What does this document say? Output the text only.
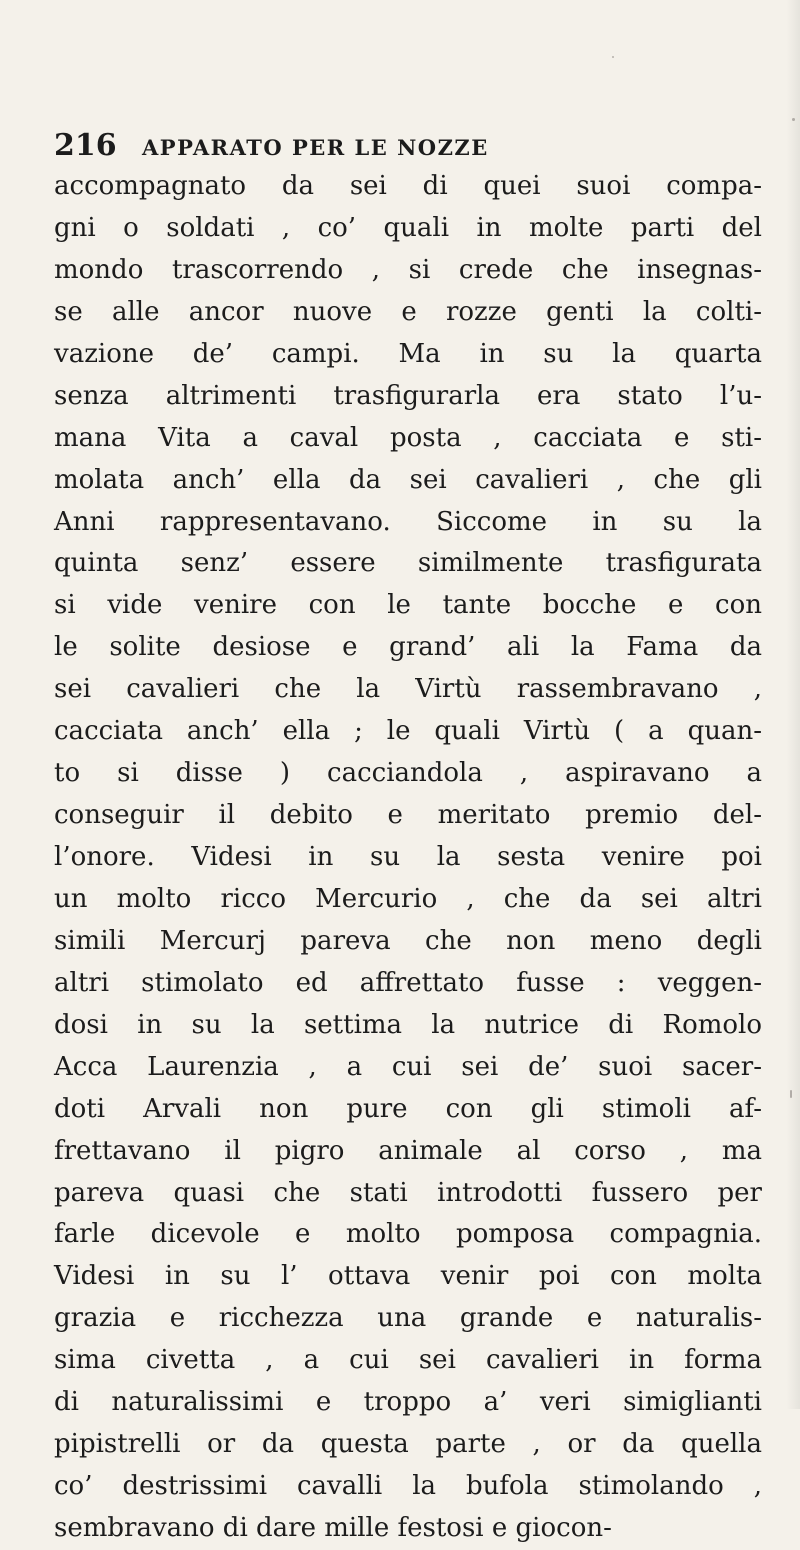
216 APPARATO PER LE NOZZE
accompagnato da sei di quei suoi compa-
gni o soldati , co’ quali in molte parti del
mondo trascorrendo , si crede che insegnas-
se alle ancor nuove e rozze genti la colti-
vazione de’ campi. Ma in su la quarta
senza altrimenti trasfigurarla era stato l’u-
mana Vita a caval posta , cacciata e sti-
molata anch’ ella da sei cavalieri , che gli
Anni rappresentavano. Siccome in su la
quinta senz’ essere similmente trasfigurata
si vide venire con le tante bocche e con
le solite desiose e grand’ ali la Fama da
sei cavalieri che la Virtù rassembravano ,
cacciata anch’ ella ; le quali Virtù ( a quan-
to si disse ) cacciandola , aspiravano a
conseguir il debito e meritato premio del-
l’onore. Videsi in su la sesta venire poi
un molto ricco Mercurio , che da sei altri
simili Mercurj pareva che non meno degli
altri stimolato ed affrettato fusse : veggen-
dosi in su la settima la nutrice di Romolo
Acca Laurenzia , a cui sei de’ suoi sacer-
doti Arvali non pure con gli stimoli af-
frettavano il pigro animale al corso , ma
pareva quasi che stati introdotti fussero per
farle dicevole e molto pomposa compagnia.
Videsi in su l’ ottava venir poi con molta
grazia e ricchezza una grande e naturalis-
sima civetta , a cui sei cavalieri in forma
di naturalissimi e troppo a’ veri simiglianti
pipistrelli or da questa parte , or da quella
co’ destrissimi cavalli la bufola stimolando ,
sembravano di dare mille festosi e giocon-
